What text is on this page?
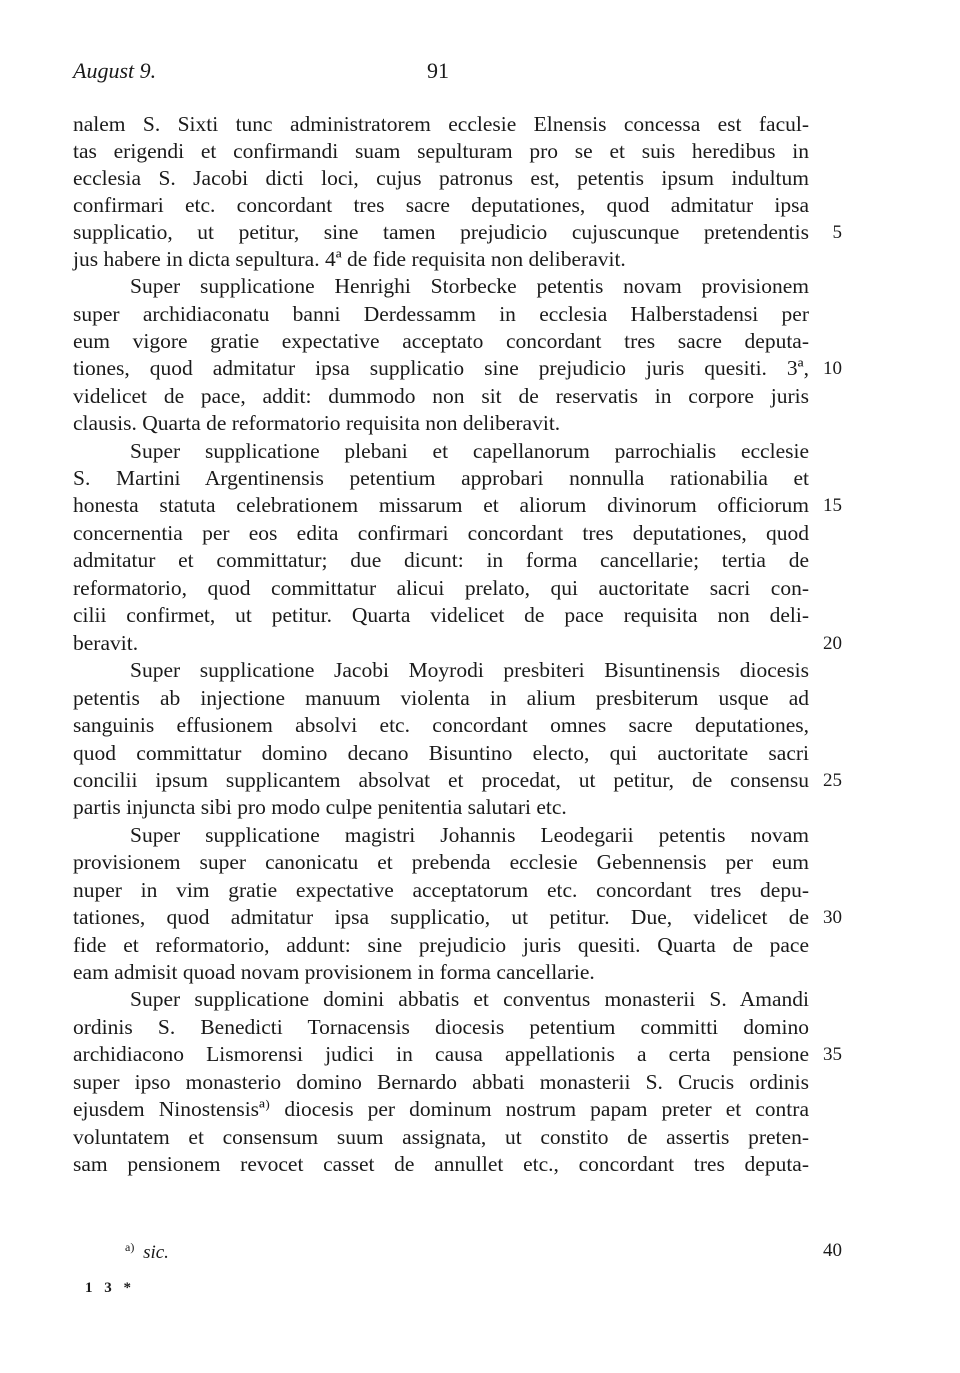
August 9.	91
nalem S. Sixti tunc administratorem ecclesie Elnensis concessa est facul-
tas erigendi et confirmandi suam sepulturam pro se et suis heredibus in
ecclesia S. Jacobi dicti loci, cujus patronus est, petentis ipsum indultum
confirmari etc. concordant tres sacre deputationes, quod admitatur ipsa
supplicatio, ut petitur, sine tamen prejudicio cujuscunque pretendentis
jus habere in dicta sepultura. 4ª de fide requisita non deliberavit.
Super supplicatione Henrighi Storbecke petentis novam provisionem
super archidiaconatu banni Derdessamm in ecclesia Halberstadensi per
eum vigore gratie expectative acceptato concordant tres sacre deputa-
tiones, quod admitatur ipsa supplicatio sine prejudicio juris quesiti. 3ª,
videlicet de pace, addit: dummodo non sit de reservatis in corpore juris
clausis. Quarta de reformatorio requisita non deliberavit.
Super supplicatione plebani et capellanorum parrochialis ecclesie
S. Martini Argentinensis petentium approbari nonnulla rationabilia et
honesta statuta celebrationem missarum et aliorum divinorum officiorum
concernentia per eos edita confirmari concordant tres deputationes, quod
admitatur et committatur; due dicunt: in forma cancellarie; tertia de
reformatorio, quod committatur alicui prelato, qui auctoritate sacri con-
cilii confirmet, ut petitur. Quarta videlicet de pace requisita non deli-
beravit.
Super supplicatione Jacobi Moyrodi presbiteri Bisuntinensis diocesis
petentis ab injectione manuum violenta in alium presbiterum usque ad
sanguinis effusionem absolvi etc. concordant omnes sacre deputationes,
quod committatur domino decano Bisuntino electo, qui auctoritate sacri
concilii ipsum supplicantem absolvat et procedat, ut petitur, de consensu
partis injuncta sibi pro modo culpe penitentia salutari etc.
Super supplicatione magistri Johannis Leodegarii petentis novam
provisionem super canonicatu et prebenda ecclesie Gebennensis per eum
nuper in vim gratie expectative acceptatorum etc. concordant tres depu-
tationes, quod admitatur ipsa supplicatio, ut petitur. Due, videlicet de
fide et reformatorio, addunt: sine prejudicio juris quesiti. Quarta de pace
eam admisit quoad novam provisionem in forma cancellarie.
Super supplicatione domini abbatis et conventus monasterii S. Amandi
ordinis S. Benedicti Tornacensis diocesis petentium committi domino
archidiacono Lismorensi judici in causa appellationis a certa pensione
super ipso monasterio domino Bernardo abbati monasterii S. Crucis ordinis
ejusdem Ninostensisª⁾ diocesis per dominum nostrum papam preter et contra
voluntatem et consensum suum assignata, ut constito de assertis preten-
sam pensionem revocet casset de annullet etc., concordant tres deputa-
5
10
15
20
25
30
35
40
$^{a)}$ sic.
1 3 *
